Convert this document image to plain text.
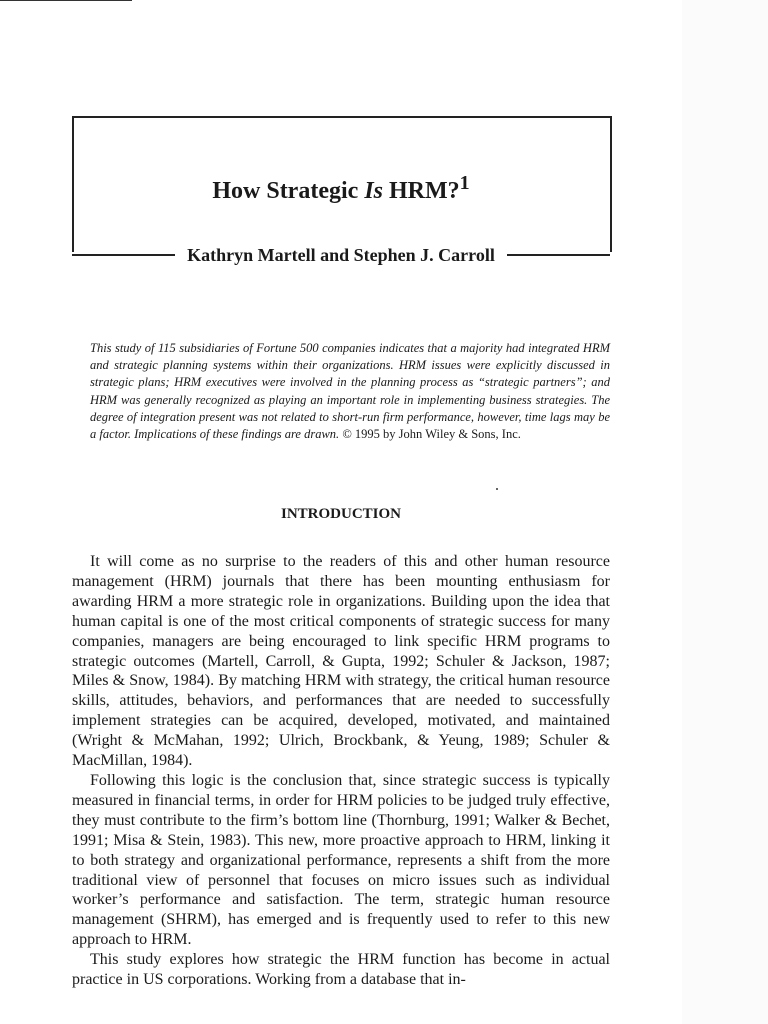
How Strategic Is HRM?$^1$
Kathryn Martell and Stephen J. Carroll

This study of 115 subsidiaries of Fortune 500 companies indicates that a majority had integrated HRM and strategic planning systems within their organizations. HRM issues were explicitly discussed in strategic plans; HRM executives were involved in the planning process as “strategic partners”; and HRM was generally recognized as playing an important role in implementing business strategies. The degree of integration present was not related to short-run firm performance, however, time lags may be a factor. Implications of these findings are drawn. © 1995 by John Wiley & Sons, Inc.

INTRODUCTION

It will come as no surprise to the readers of this and other human resource management (HRM) journals that there has been mounting enthusiasm for awarding HRM a more strategic role in organizations. Building upon the idea that human capital is one of the most critical components of strategic success for many companies, managers are being encouraged to link specific HRM programs to strategic outcomes (Martell, Carroll, & Gupta, 1992; Schuler & Jackson, 1987; Miles & Snow, 1984). By matching HRM with strategy, the critical human resource skills, attitudes, behaviors, and performances that are needed to successfully implement strategies can be acquired, developed, motivated, and maintained (Wright & McMahan, 1992; Ulrich, Brockbank, & Yeung, 1989; Schuler & MacMillan, 1984).

Following this logic is the conclusion that, since strategic success is typically measured in financial terms, in order for HRM policies to be judged truly effective, they must contribute to the firm’s bottom line (Thornburg, 1991; Walker & Bechet, 1991; Misa & Stein, 1983). This new, more proactive approach to HRM, linking it to both strategy and organizational performance, represents a shift from the more traditional view of personnel that focuses on micro issues such as individual worker’s performance and satisfaction. The term, strategic human resource management (SHRM), has emerged and is frequently used to refer to this new approach to HRM.

This study explores how strategic the HRM function has become in actual practice in US corporations. Working from a database that in-
